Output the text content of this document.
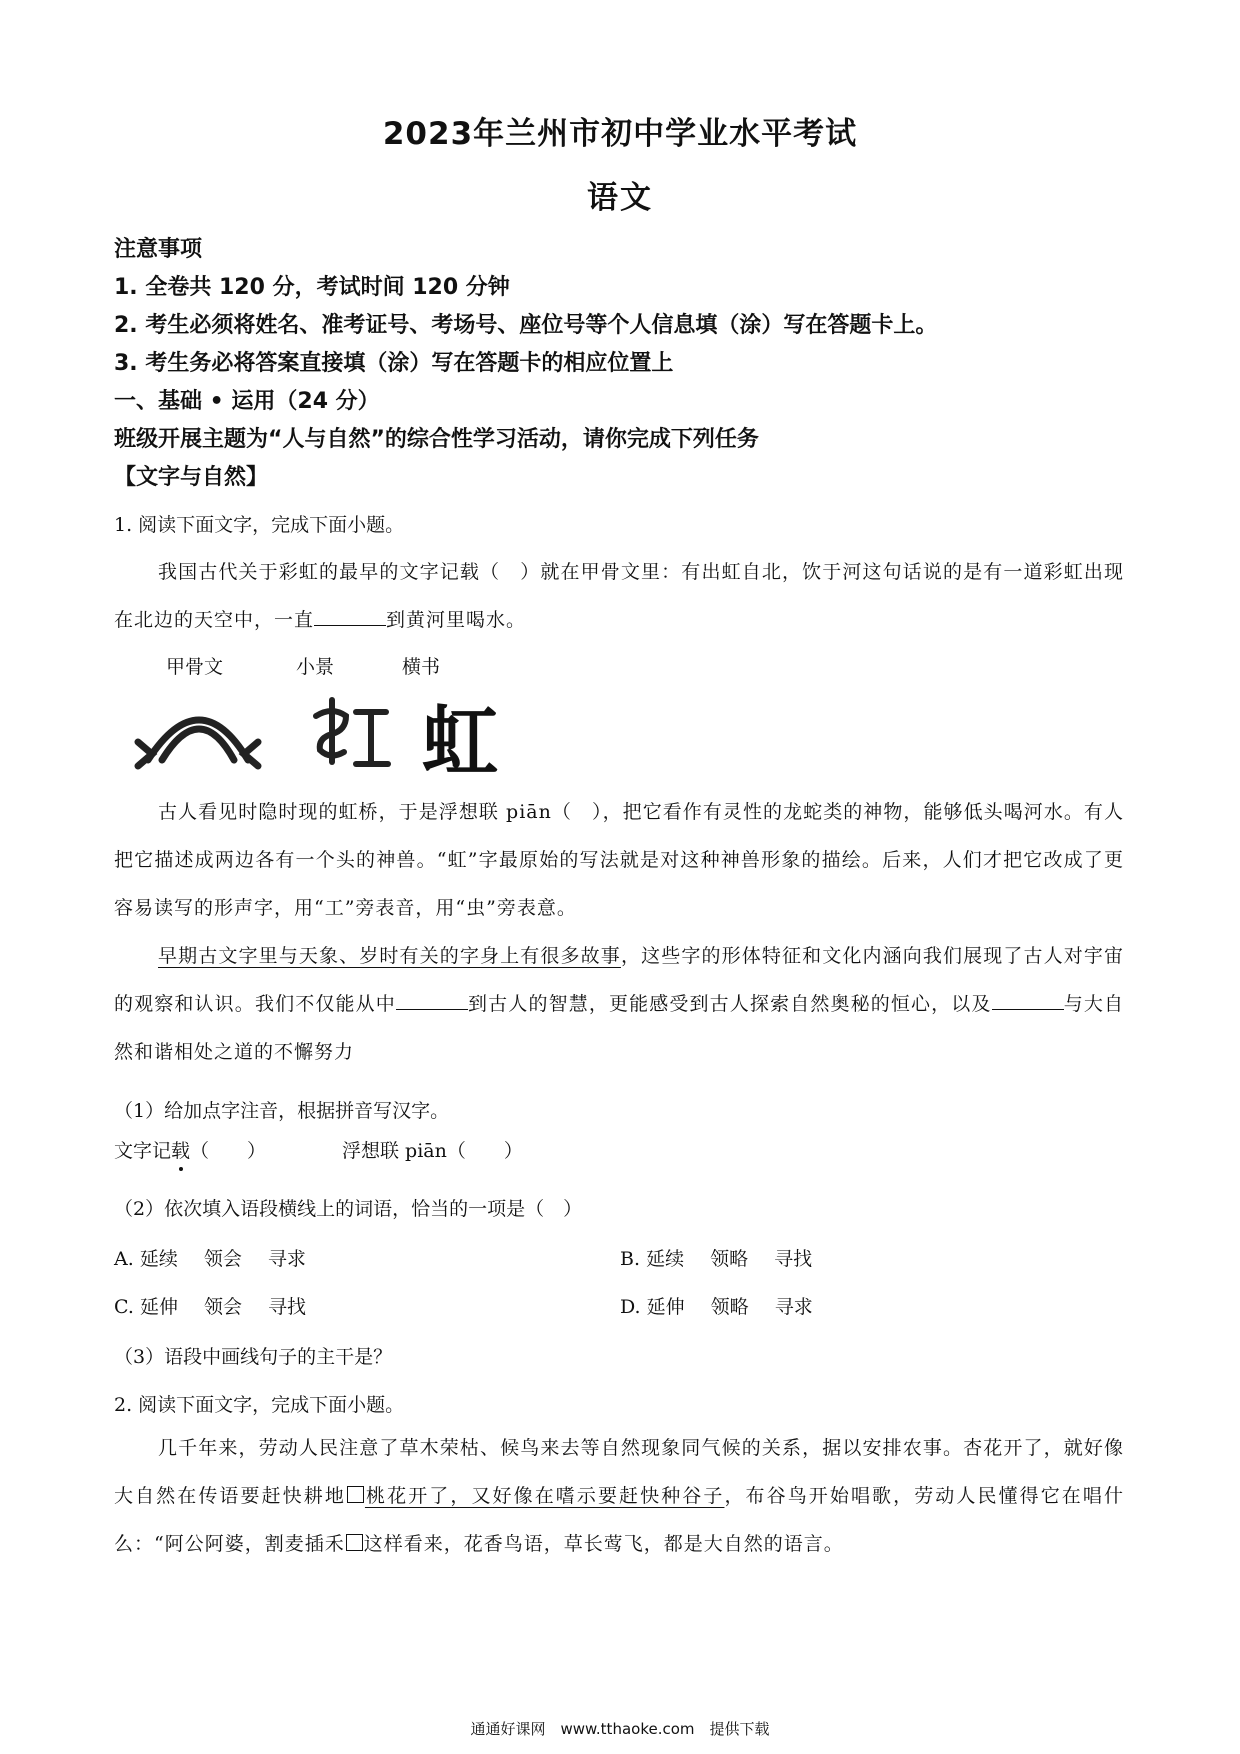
2023年兰州市初中学业水平考试
语文
注意事项
1. 全卷共 120 分，考试时间 120 分钟
2. 考生必须将姓名、准考证号、考场号、座位号等个人信息填（涂）写在答题卡上。
3. 考生务必将答案直接填（涂）写在答题卡的相应位置上
一、基础 • 运用（24 分）
班级开展主题为“人与自然”的综合性学习活动，请你完成下列任务
【文字与自然】
1. 阅读下面文字，完成下面小题。

我国古代关于彩虹的最早的文字记载（　）就在甲骨文里：有出虹自北，饮于河这句话说的是有一道彩虹出现在北边的天空中，一直	到黄河里喝水。

甲骨文	小景	横书
虹

古人看见时隐时现的虹桥，于是浮想联 piān（　），把它看作有灵性的龙蛇类的神物，能够低头喝河水。有人把它描述成两边各有一个头的神兽。“虹”字最原始的写法就是对这种神兽形象的描绘。后来，人们才把它改成了更容易读写的形声字，用“工”旁表音，用“虫”旁表意。

早期古文字里与天象、岁时有关的字身上有很多故事，这些字的形体特征和文化内涵向我们展现了古人对宇宙的观察和认识。我们不仅能从中	到古人的智慧，更能感受到古人探索自然奥秘的恒心，以及	与大自然和谐相处之道的不懈努力

（1）给加点字注音，根据拼音写汉字。
文字记载（　　）	浮想联 piān（　　）
（2）依次填入语段横线上的词语，恰当的一项是（　）
A. 延续 领会 寻求	B. 延续 领略 寻找
C. 延伸 领会 寻找	D. 延伸 领略 寻求
（3）语段中画线句子的主干是？
2. 阅读下面文字，完成下面小题。

几千年来，劳动人民注意了草木荣枯、候鸟来去等自然现象同气候的关系，据以安排农事。杏花开了，就好像大自然在传语要赶快耕地 桃花开了，又好像在嗜示要赶快种谷子，布谷鸟开始唱歌，劳动人民懂得它在唱什么：“阿公阿婆，割麦插禾 这样看来，花香鸟语，草长莺飞，都是大自然的语言。

通通好课网　www.tthaoke.com　提供下载
